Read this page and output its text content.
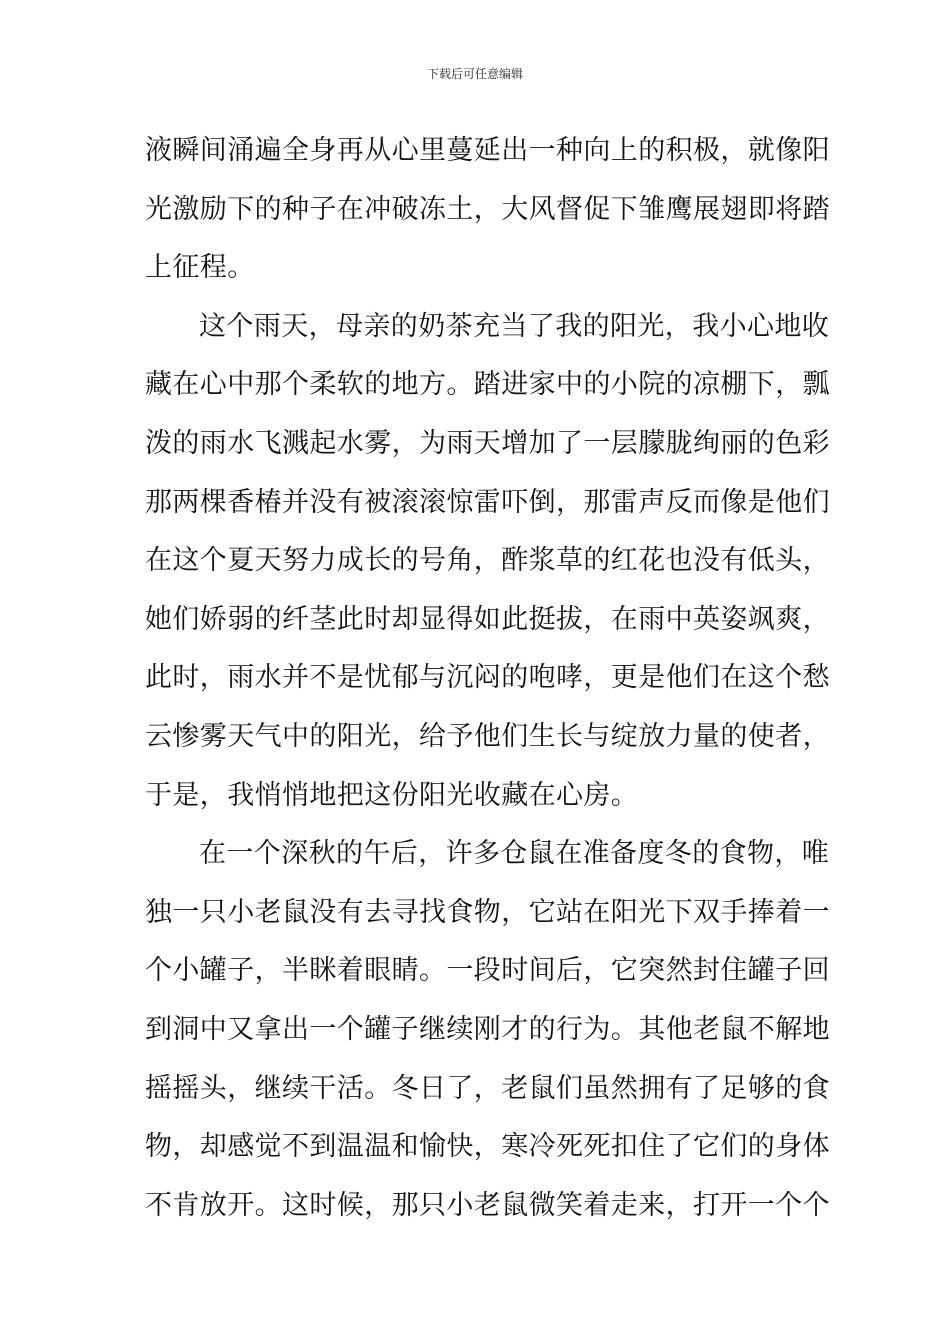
下载后可任意编辑
液瞬间涌遍全身再从心里蔓延出一种向上的积极，就像阳
光激励下的种子在冲破冻土，大风督促下雏鹰展翅即将踏
上征程。
这个雨天，母亲的奶茶充当了我的阳光，我小心地收
藏在心中那个柔软的地方。踏进家中的小院的凉棚下，瓢
泼的雨水飞溅起水雾，为雨天增加了一层朦胧绚丽的色彩
那两棵香椿并没有被滚滚惊雷吓倒，那雷声反而像是他们
在这个夏天努力成长的号角，酢浆草的红花也没有低头，
她们娇弱的纤茎此时却显得如此挺拔，在雨中英姿飒爽，
此时，雨水并不是忧郁与沉闷的咆哮，更是他们在这个愁
云惨雾天气中的阳光，给予他们生长与绽放力量的使者，
于是，我悄悄地把这份阳光收藏在心房。
在一个深秋的午后，许多仓鼠在准备度冬的食物，唯
独一只小老鼠没有去寻找食物，它站在阳光下双手捧着一
个小罐子，半眯着眼睛。一段时间后，它突然封住罐子回
到洞中又拿出一个罐子继续刚才的行为。其他老鼠不解地
摇摇头，继续干活。冬日了，老鼠们虽然拥有了足够的食
物，却感觉不到温温和愉快，寒冷死死扣住了它们的身体
不肯放开。这时候，那只小老鼠微笑着走来，打开一个个
